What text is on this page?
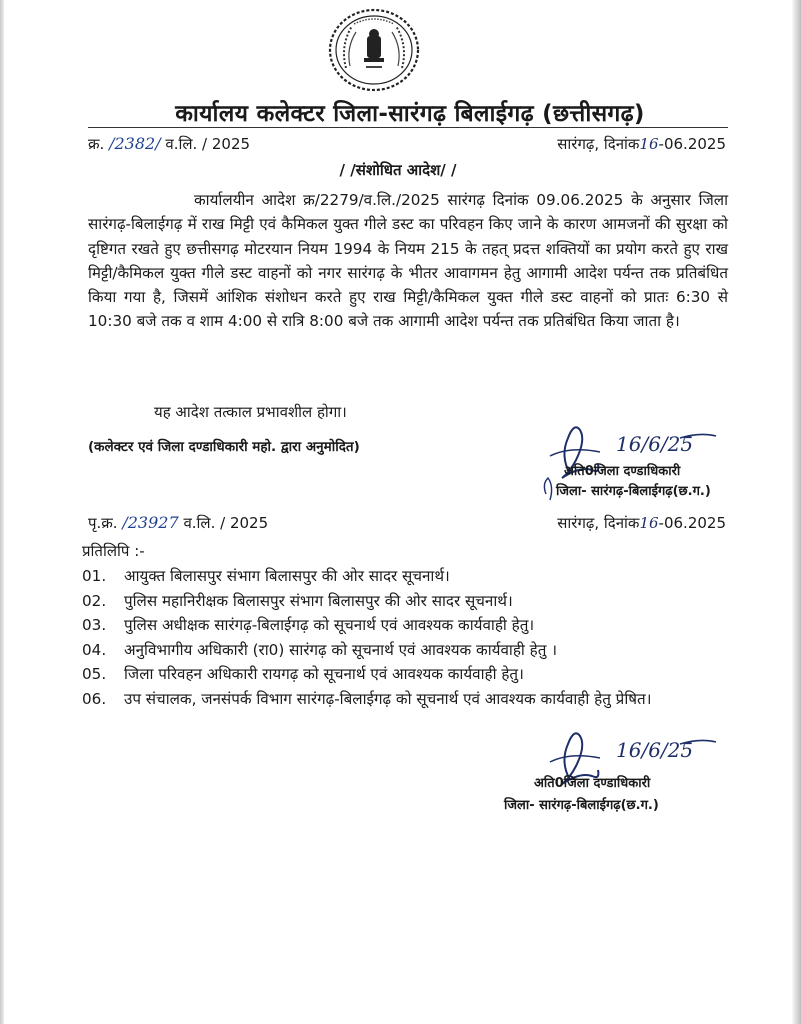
कार्यालय कलेक्टर जिला-सारंगढ़ बिलाईगढ़ (छत्तीसगढ़)
क्र. /2382/ व.लि. / 2025	सारंगढ़, दिनांक16-06.2025
/ /संशोधित आदेश/ /
कार्यालयीन आदेश क्र/2279/व.लि./2025 सारंगढ़ दिनांक 09.06.2025 के अनुसार जिला सारंगढ़-बिलाईगढ़ में राख मिट्टी एवं कैमिकल युक्त गीले डस्ट का परिवहन किए जाने के कारण आमजनों की सुरक्षा को दृष्टिगत रखते हुए छत्तीसगढ़ मोटरयान नियम 1994 के नियम 215 के तहत् प्रदत्त शक्तियों का प्रयोग करते हुए राख मिट्टी/कैमिकल युक्त गीले डस्ट वाहनों को नगर सारंगढ़ के भीतर आवागमन हेतु आगामी आदेश पर्यन्त तक प्रतिबंधित किया गया है, जिसमें आंशिक संशोधन करते हुए राख मिट्टी/कैमिकल युक्त गीले डस्ट वाहनों को प्रातः 6:30 से 10:30 बजे तक व शाम 4:00 से रात्रि 8:00 बजे तक आगामी आदेश पर्यन्त तक प्रतिबंधित किया जाता है।
यह आदेश तत्काल प्रभावशील होगा।
(कलेक्टर एवं जिला दण्डाधिकारी महो. द्वारा अनुमोदित)	16/6/25
अति0जिला दण्डाधिकारी
जिला- सारंगढ़-बिलाईगढ़(छ.ग.)
पृ.क्र. /23927 व.लि. / 2025	सारंगढ़, दिनांक16-06.2025
प्रतिलिपि :-
01.	आयुक्त बिलासपुर संभाग बिलासपुर की ओर सादर सूचनार्थ।
02.	पुलिस महानिरीक्षक बिलासपुर संभाग बिलासपुर की ओर सादर सूचनार्थ।
03.	पुलिस अधीक्षक सारंगढ़-बिलाईगढ़ को सूचनार्थ एवं आवश्यक कार्यवाही हेतु।
04.	अनुविभागीय अधिकारी (रा0) सारंगढ़ को सूचनार्थ एवं आवश्यक कार्यवाही हेतु ।
05.	जिला परिवहन अधिकारी रायगढ़ को सूचनार्थ एवं आवश्यक कार्यवाही हेतु।
06.	उप संचालक, जनसंपर्क विभाग सारंगढ़-बिलाईगढ़ को सूचनार्थ एवं आवश्यक कार्यवाही हेतु प्रेषित।
16/6/25
अति0जिला दण्डाधिकारी
जिला- सारंगढ़-बिलाईगढ़(छ.ग.)
